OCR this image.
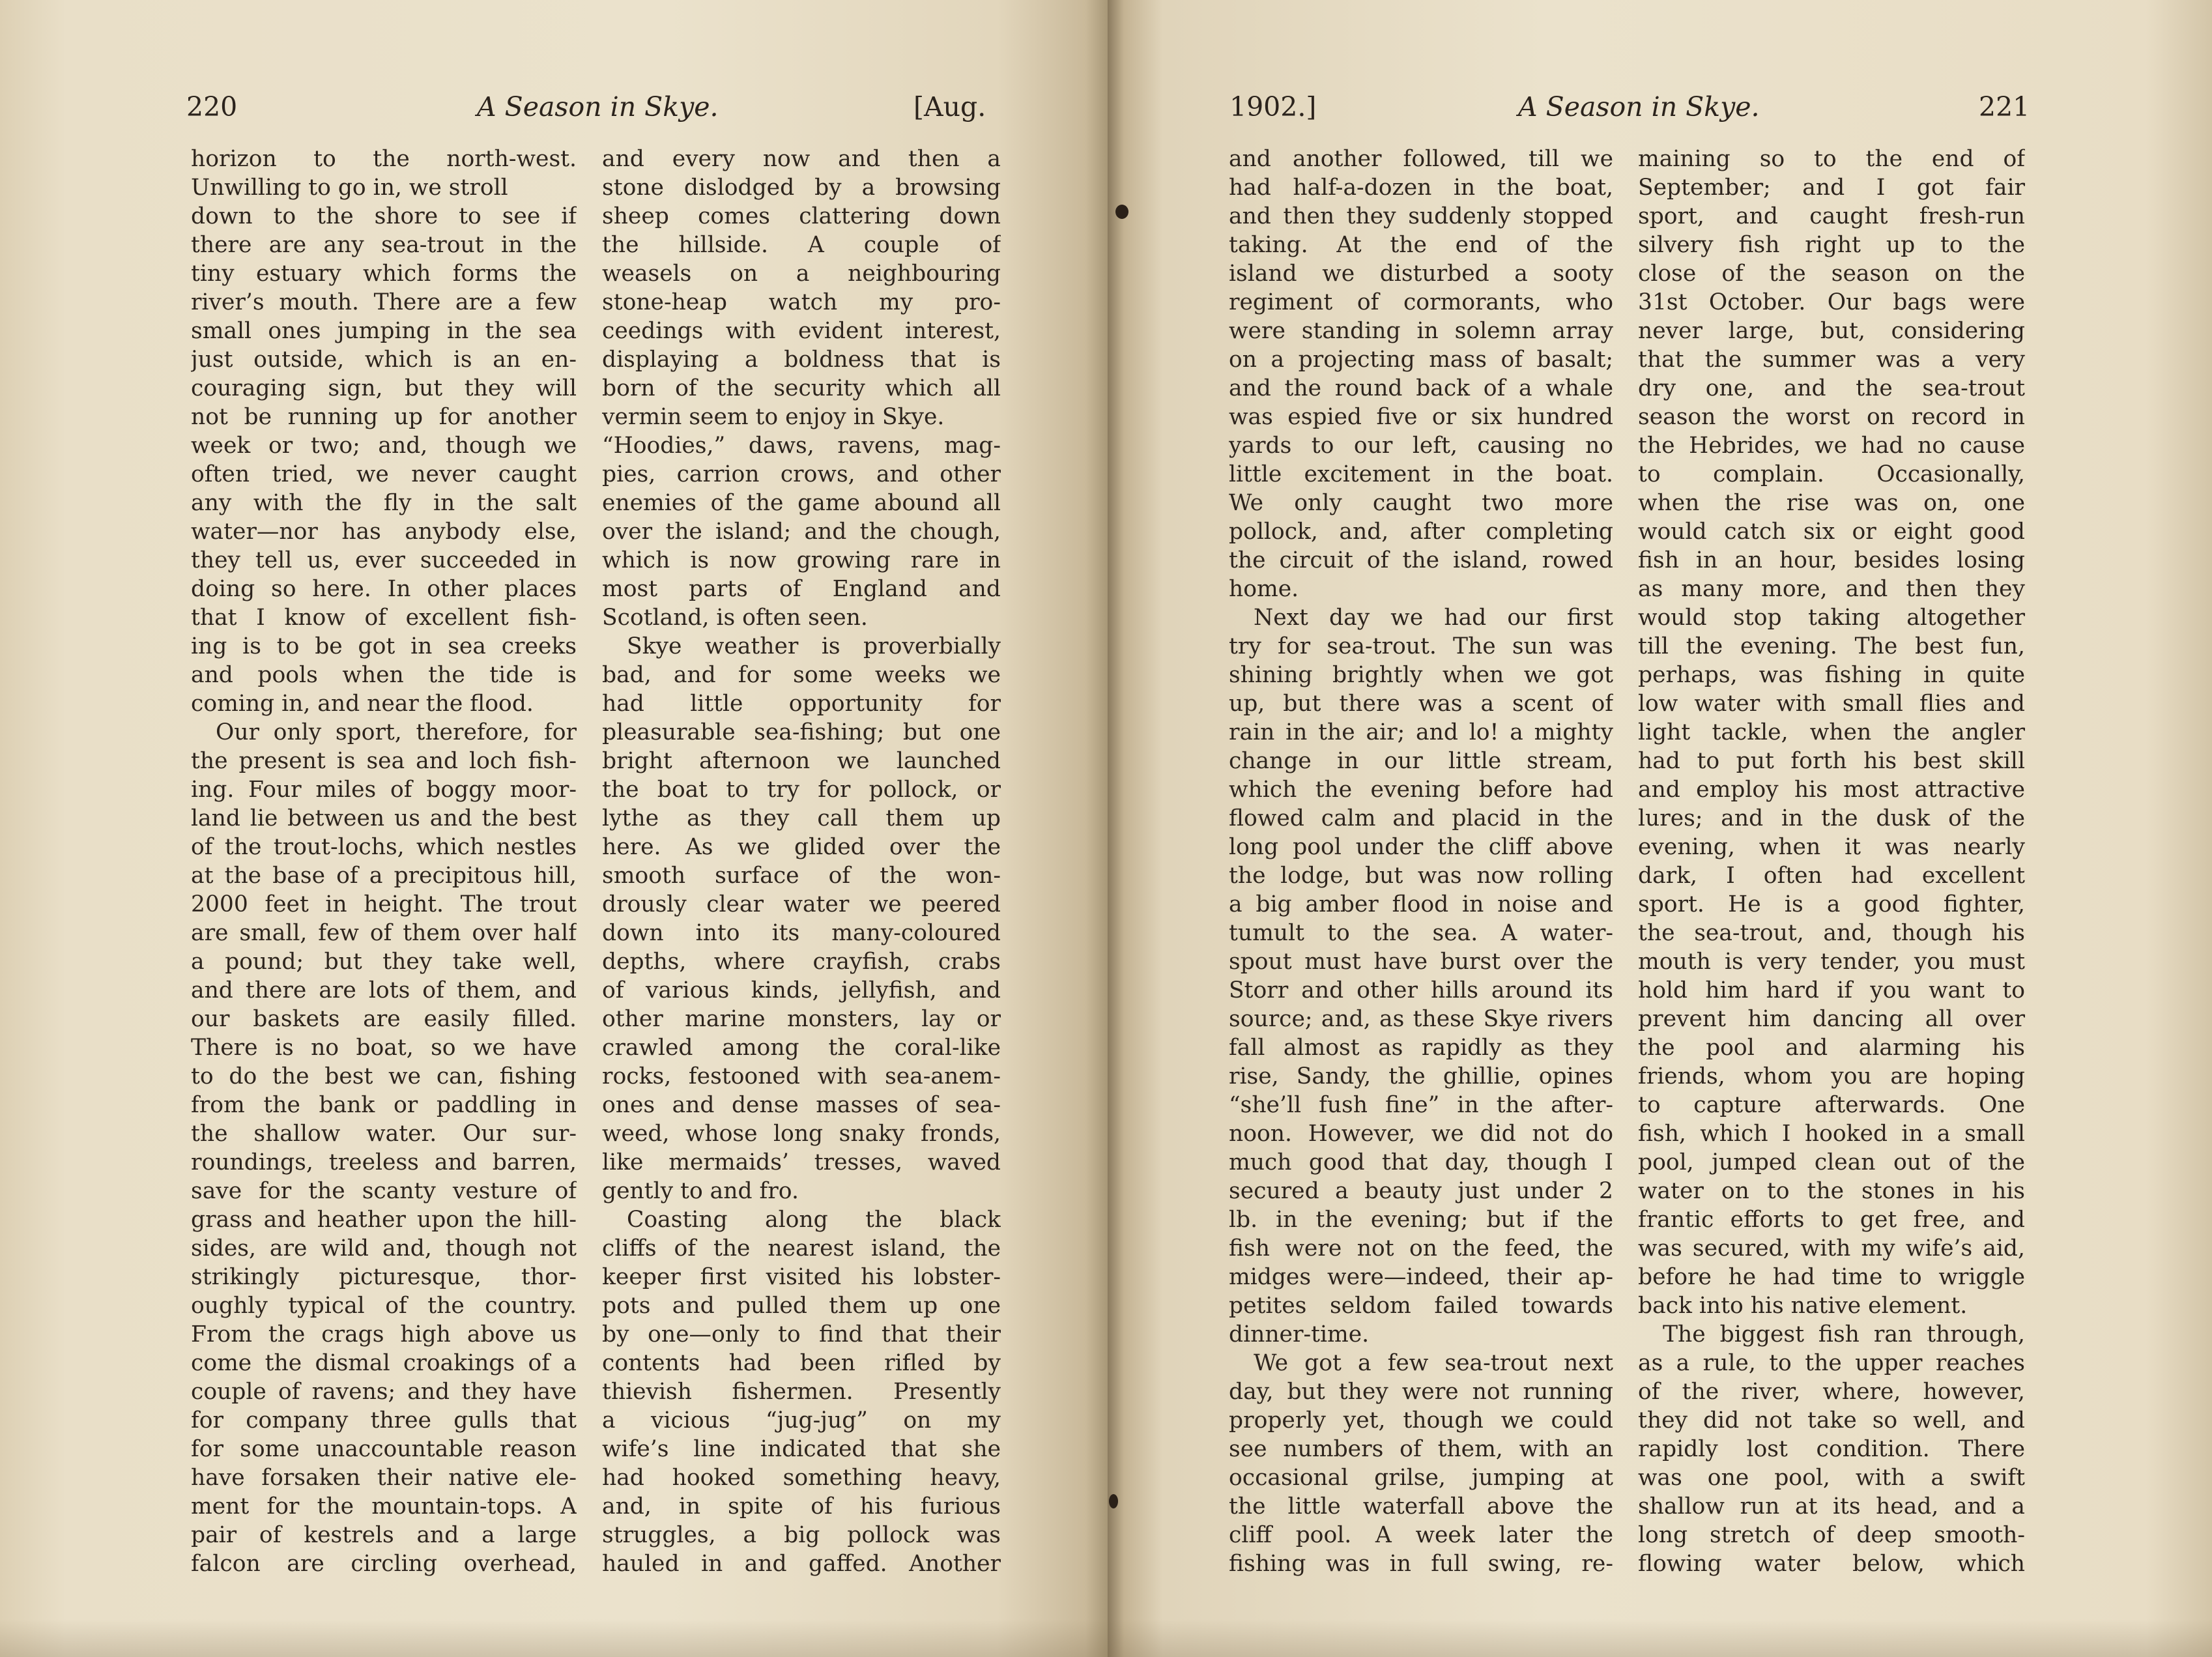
220	A Season in Skye.	[Aug.
horizon to the north-west.
Unwilling to go in, we stroll
down to the shore to see if
there are any sea-trout in the
tiny estuary which forms the
river’s mouth. There are a few
small ones jumping in the sea
just outside, which is an en-
couraging sign, but they will
not be running up for another
week or two; and, though we
often tried, we never caught
any with the fly in the salt
water—nor has anybody else,
they tell us, ever succeeded in
doing so here. In other places
that I know of excellent fish-
ing is to be got in sea creeks
and pools when the tide is
coming in, and near the flood.
Our only sport, therefore, for
the present is sea and loch fish-
ing. Four miles of boggy moor-
land lie between us and the best
of the trout-lochs, which nestles
at the base of a precipitous hill,
2000 feet in height. The trout
are small, few of them over half
a pound; but they take well,
and there are lots of them, and
our baskets are easily filled.
There is no boat, so we have
to do the best we can, fishing
from the bank or paddling in
the shallow water. Our sur-
roundings, treeless and barren,
save for the scanty vesture of
grass and heather upon the hill-
sides, are wild and, though not
strikingly picturesque, thor-
oughly typical of the country.
From the crags high above us
come the dismal croakings of a
couple of ravens; and they have
for company three gulls that
for some unaccountable reason
have forsaken their native ele-
ment for the mountain-tops. A
pair of kestrels and a large
falcon are circling overhead,
and every now and then a
stone dislodged by a browsing
sheep comes clattering down
the hillside. A couple of
weasels on a neighbouring
stone-heap watch my pro-
ceedings with evident interest,
displaying a boldness that is
born of the security which all
vermin seem to enjoy in Skye.
“Hoodies,” daws, ravens, mag-
pies, carrion crows, and other
enemies of the game abound all
over the island; and the chough,
which is now growing rare in
most parts of England and
Scotland, is often seen.
Skye weather is proverbially
bad, and for some weeks we
had little opportunity for
pleasurable sea-fishing; but one
bright afternoon we launched
the boat to try for pollock, or
lythe as they call them up
here. As we glided over the
smooth surface of the won-
drously clear water we peered
down into its many-coloured
depths, where crayfish, crabs
of various kinds, jellyfish, and
other marine monsters, lay or
crawled among the coral-like
rocks, festooned with sea-anem-
ones and dense masses of sea-
weed, whose long snaky fronds,
like mermaids’ tresses, waved
gently to and fro.
Coasting along the black
cliffs of the nearest island, the
keeper first visited his lobster-
pots and pulled them up one
by one—only to find that their
contents had been rifled by
thievish fishermen. Presently
a vicious “jug-jug” on my
wife’s line indicated that she
had hooked something heavy,
and, in spite of his furious
struggles, a big pollock was
hauled in and gaffed. Another
1902.]	A Season in Skye.	221
and another followed, till we
had half-a-dozen in the boat,
and then they suddenly stopped
taking. At the end of the
island we disturbed a sooty
regiment of cormorants, who
were standing in solemn array
on a projecting mass of basalt;
and the round back of a whale
was espied five or six hundred
yards to our left, causing no
little excitement in the boat.
We only caught two more
pollock, and, after completing
the circuit of the island, rowed
home.
Next day we had our first
try for sea-trout. The sun was
shining brightly when we got
up, but there was a scent of
rain in the air; and lo! a mighty
change in our little stream,
which the evening before had
flowed calm and placid in the
long pool under the cliff above
the lodge, but was now rolling
a big amber flood in noise and
tumult to the sea. A water-
spout must have burst over the
Storr and other hills around its
source; and, as these Skye rivers
fall almost as rapidly as they
rise, Sandy, the ghillie, opines
“she’ll fush fine” in the after-
noon. However, we did not do
much good that day, though I
secured a beauty just under 2
lb. in the evening; but if the
fish were not on the feed, the
midges were—indeed, their ap-
petites seldom failed towards
dinner-time.
We got a few sea-trout next
day, but they were not running
properly yet, though we could
see numbers of them, with an
occasional grilse, jumping at
the little waterfall above the
cliff pool. A week later the
fishing was in full swing, re-
maining so to the end of
September; and I got fair
sport, and caught fresh-run
silvery fish right up to the
close of the season on the
31st October. Our bags were
never large, but, considering
that the summer was a very
dry one, and the sea-trout
season the worst on record in
the Hebrides, we had no cause
to complain. Occasionally,
when the rise was on, one
would catch six or eight good
fish in an hour, besides losing
as many more, and then they
would stop taking altogether
till the evening. The best fun,
perhaps, was fishing in quite
low water with small flies and
light tackle, when the angler
had to put forth his best skill
and employ his most attractive
lures; and in the dusk of the
evening, when it was nearly
dark, I often had excellent
sport. He is a good fighter,
the sea-trout, and, though his
mouth is very tender, you must
hold him hard if you want to
prevent him dancing all over
the pool and alarming his
friends, whom you are hoping
to capture afterwards. One
fish, which I hooked in a small
pool, jumped clean out of the
water on to the stones in his
frantic efforts to get free, and
was secured, with my wife’s aid,
before he had time to wriggle
back into his native element.
The biggest fish ran through,
as a rule, to the upper reaches
of the river, where, however,
they did not take so well, and
rapidly lost condition. There
was one pool, with a swift
shallow run at its head, and a
long stretch of deep smooth-
flowing water below, which
